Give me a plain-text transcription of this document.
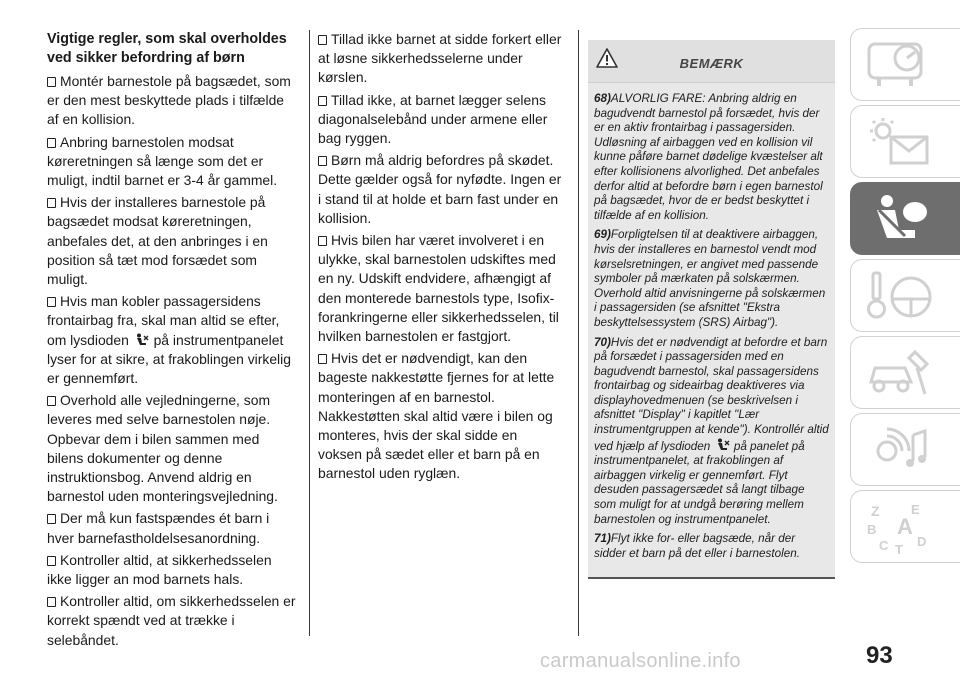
Vigtige regler, som skal overholdes ved sikker befordring af børn

Montér barnestole på bagsædet, som er den mest beskyttede plads i tilfælde af en kollision.

Anbring barnestolen modsat køreretningen så længe som det er muligt, indtil barnet er 3-4 år gammel.

Hvis der installeres barnestole på bagsædet modsat køreretningen, anbefales det, at den anbringes i en position så tæt mod forsædet som muligt.

Hvis man kobler passagersidens frontairbag fra, skal man altid se efter, om lysdioden på instrumentpanelet lyser for at sikre, at frakoblingen virkelig er gennemført.

Overhold alle vejledningerne, som leveres med selve barnestolen nøje. Opbevar dem i bilen sammen med bilens dokumenter og denne instruktionsbog. Anvend aldrig en barnestol uden monteringsvejledning.

Der må kun fastspændes ét barn i hver barnefastholdelsesanordning.

Kontroller altid, at sikkerhedsselen ikke ligger an mod barnets hals.

Kontroller altid, om sikkerhedsselen er korrekt spændt ved at trække i selebåndet.

Tillad ikke barnet at sidde forkert eller at løsne sikkerhedsselerne under kørslen.

Tillad ikke, at barnet lægger selens diagonalselebånd under armene eller bag ryggen.

Børn må aldrig befordres på skødet. Dette gælder også for nyfødte. Ingen er i stand til at holde et barn fast under en kollision.

Hvis bilen har været involveret i en ulykke, skal barnestolen udskiftes med en ny. Udskift endvidere, afhængigt af den monterede barnestols type, Isofix-forankringerne eller sikkerhedsselen, til hvilken barnestolen er fastgjort.

Hvis det er nødvendigt, kan den bageste nakkestøtte fjernes for at lette monteringen af en barnestol. Nakkestøtten skal altid være i bilen og monteres, hvis der skal sidde en voksen på sædet eller et barn på en barnestol uden ryglæn.

BEMÆRK

68)ALVORLIG FARE: Anbring aldrig en bagudvendt barnestol på forsædet, hvis der er en aktiv frontairbag i passagersiden. Udløsning af airbaggen ved en kollision vil kunne påføre barnet dødelige kvæstelser alt efter kollisionens alvorlighed. Det anbefales derfor altid at befordre børn i egen barnestol på bagsædet, hvor de er bedst beskyttet i tilfælde af en kollision.

69)Forpligtelsen til at deaktivere airbaggen, hvis der installeres en barnestol vendt mod kørselsretningen, er angivet med passende symboler på mærkaten på solskærmen. Overhold altid anvisningerne på solskærmen i passagersiden (se afsnittet "Ekstra beskyttelsessystem (SRS) Airbag").

70)Hvis det er nødvendigt at befordre et barn på forsædet i passagersiden med en bagudvendt barnestol, skal passagersidens frontairbag og sideairbag deaktiveres via displayhovedmenuen (se beskrivelsen i afsnittet "Display" i kapitlet "Lær instrumentgruppen at kende"). Kontrollér altid ved hjælp af lysdioden på panelet på instrumentpanelet, at frakoblingen af airbaggen virkelig er gennemført. Flyt desuden passagersædet så langt tilbage som muligt for at undgå berøring mellem barnestolen og instrumentpanelet.

71)Flyt ikke for- eller bagsæde, når der sidder et barn på det eller i barnestolen.

Z E
B A
C T
D
93
carmanualsonline.info
